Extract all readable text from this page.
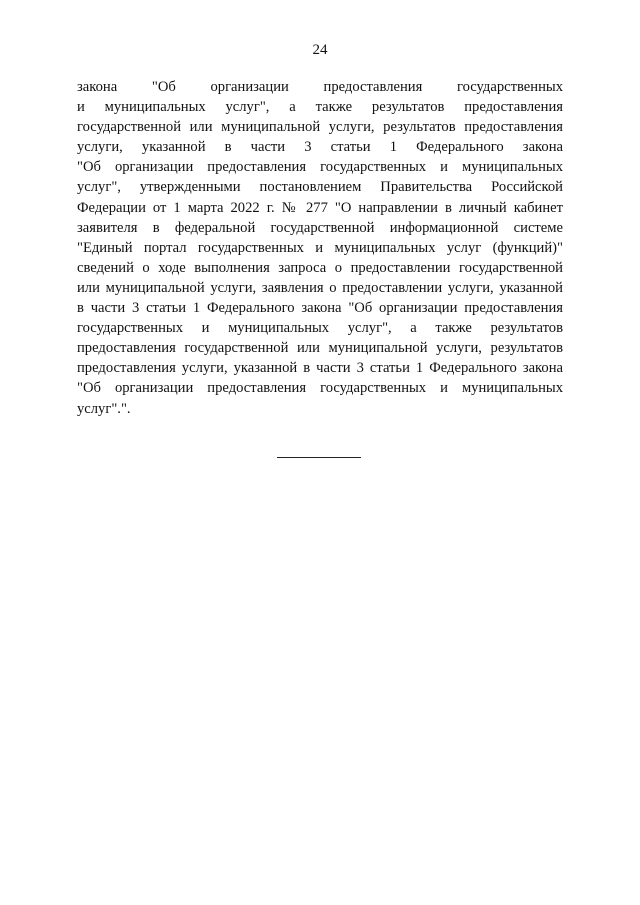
24
закона "Об организации предоставления государственных
и муниципальных услуг", а также результатов предоставления
государственной или муниципальной услуги, результатов предоставления
услуги, указанной в части 3 статьи 1 Федерального закона
"Об организации предоставления государственных и муниципальных
услуг", утвержденными постановлением Правительства Российской
Федерации от 1 марта 2022 г. № 277 "О направлении в личный кабинет
заявителя в федеральной государственной информационной системе
"Единый портал государственных и муниципальных услуг (функций)"
сведений о ходе выполнения запроса о предоставлении государственной
или муниципальной услуги, заявления о предоставлении услуги, указанной
в части 3 статьи 1 Федерального закона "Об организации предоставления
государственных и муниципальных услуг", а также результатов
предоставления государственной или муниципальной услуги, результатов
предоставления услуги, указанной в части 3 статьи 1 Федерального закона
"Об организации предоставления государственных и муниципальных
услуг".".
